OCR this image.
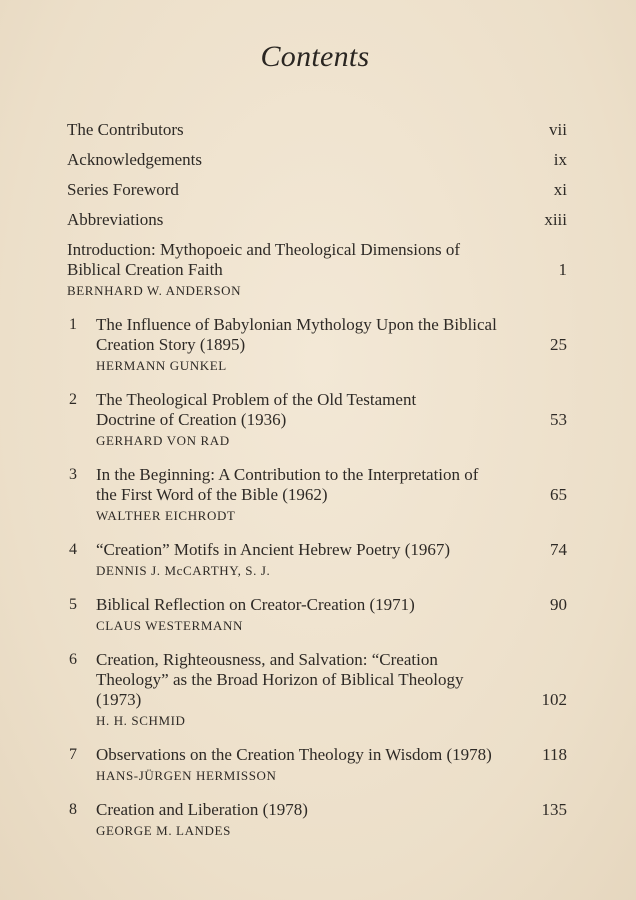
Contents
The Contributors	vii
Acknowledgements	ix
Series Foreword	xi
Abbreviations	xiii
Introduction: Mythopoeic and Theological Dimensions of
Biblical Creation Faith	1
BERNHARD W. ANDERSON
1 The Influence of Babylonian Mythology Upon the Biblical
Creation Story (1895)	25
HERMANN GUNKEL
2 The Theological Problem of the Old Testament
Doctrine of Creation (1936)	53
GERHARD VON RAD
3 In the Beginning: A Contribution to the Interpretation of
the First Word of the Bible (1962)	65
WALTHER EICHRODT
4 “Creation” Motifs in Ancient Hebrew Poetry (1967)	74
DENNIS J. McCARTHY, S. J.
5 Biblical Reflection on Creator-Creation (1971)	90
CLAUS WESTERMANN
6 Creation, Righteousness, and Salvation: “Creation
Theology” as the Broad Horizon of Biblical Theology
(1973)	102
H. H. SCHMID
7 Observations on the Creation Theology in Wisdom (1978)	118
HANS-JÜRGEN HERMISSON
8 Creation and Liberation (1978)	135
GEORGE M. LANDES
